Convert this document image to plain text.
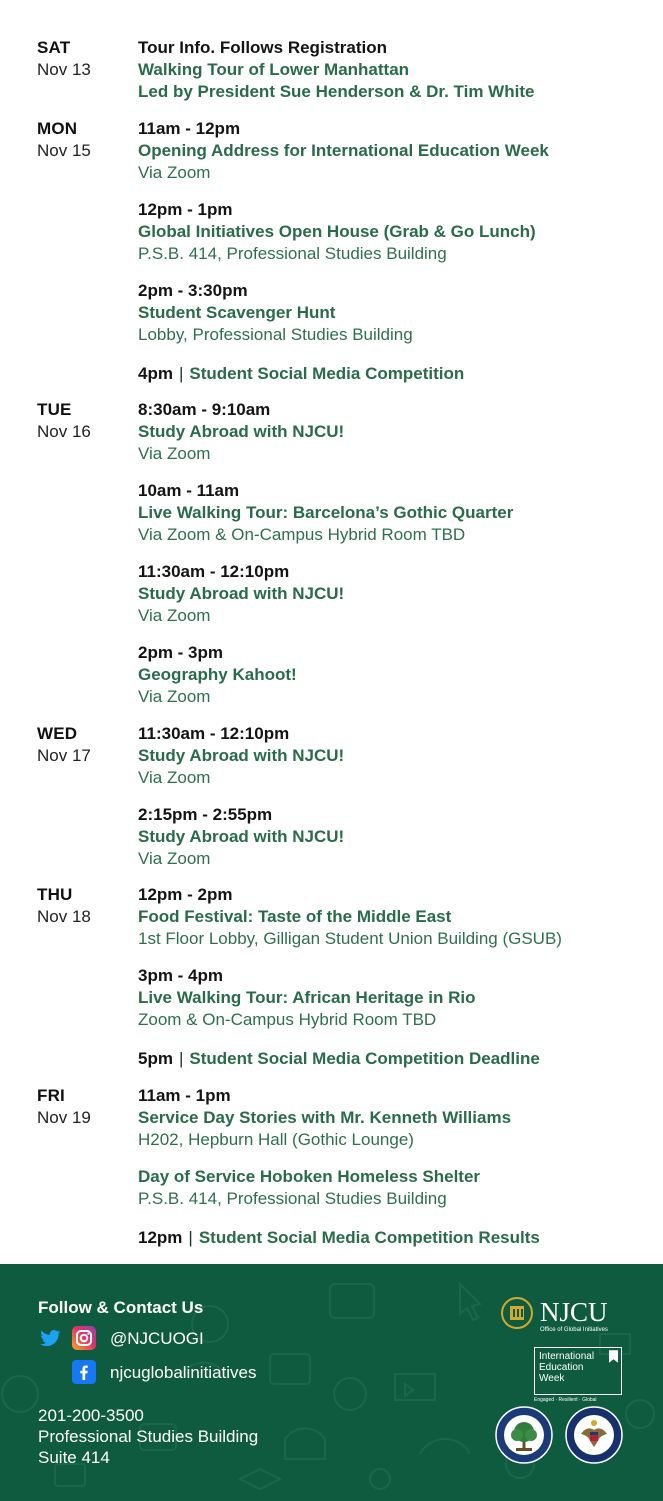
SAT
Nov 13
MON
Nov 15
TUE
Nov 16
WED
Nov 17
THU
Nov 18
FRI
Nov 19
Tour Info. Follows Registration
Walking Tour of Lower Manhattan
Led by President Sue Henderson & Dr. Tim White
11am - 12pm
Opening Address for International Education Week
Via Zoom
12pm - 1pm
Global Initiatives Open House (Grab & Go Lunch)
P.S.B. 414, Professional Studies Building
2pm - 3:30pm
Student Scavenger Hunt
Lobby, Professional Studies Building
4pm | Student Social Media Competition
8:30am - 9:10am
Study Abroad with NJCU!
Via Zoom
10am - 11am
Live Walking Tour: Barcelona’s Gothic Quarter
Via Zoom & On-Campus Hybrid Room TBD
11:30am - 12:10pm
Study Abroad with NJCU!
Via Zoom
2pm - 3pm
Geography Kahoot!
Via Zoom
11:30am - 12:10pm
Study Abroad with NJCU!
Via Zoom
2:15pm - 2:55pm
Study Abroad with NJCU!
Via Zoom
12pm - 2pm
Food Festival: Taste of the Middle East
1st Floor Lobby, Gilligan Student Union Building (GSUB)
3pm - 4pm
Live Walking Tour: African Heritage in Rio
Zoom & On-Campus Hybrid Room TBD
5pm | Student Social Media Competition Deadline
11am - 1pm
Service Day Stories with Mr. Kenneth Williams
H202, Hepburn Hall (Gothic Lounge)
Day of Service Hoboken Homeless Shelter
P.S.B. 414, Professional Studies Building
12pm | Student Social Media Competition Results
Follow & Contact Us
@NJCUOGI
njcuglobalinitiatives
201-200-3500
Professional Studies Building
Suite 414
NJCU
Office of Global Initiatives
International
Education
Week
Engaged · Resilient · Global
